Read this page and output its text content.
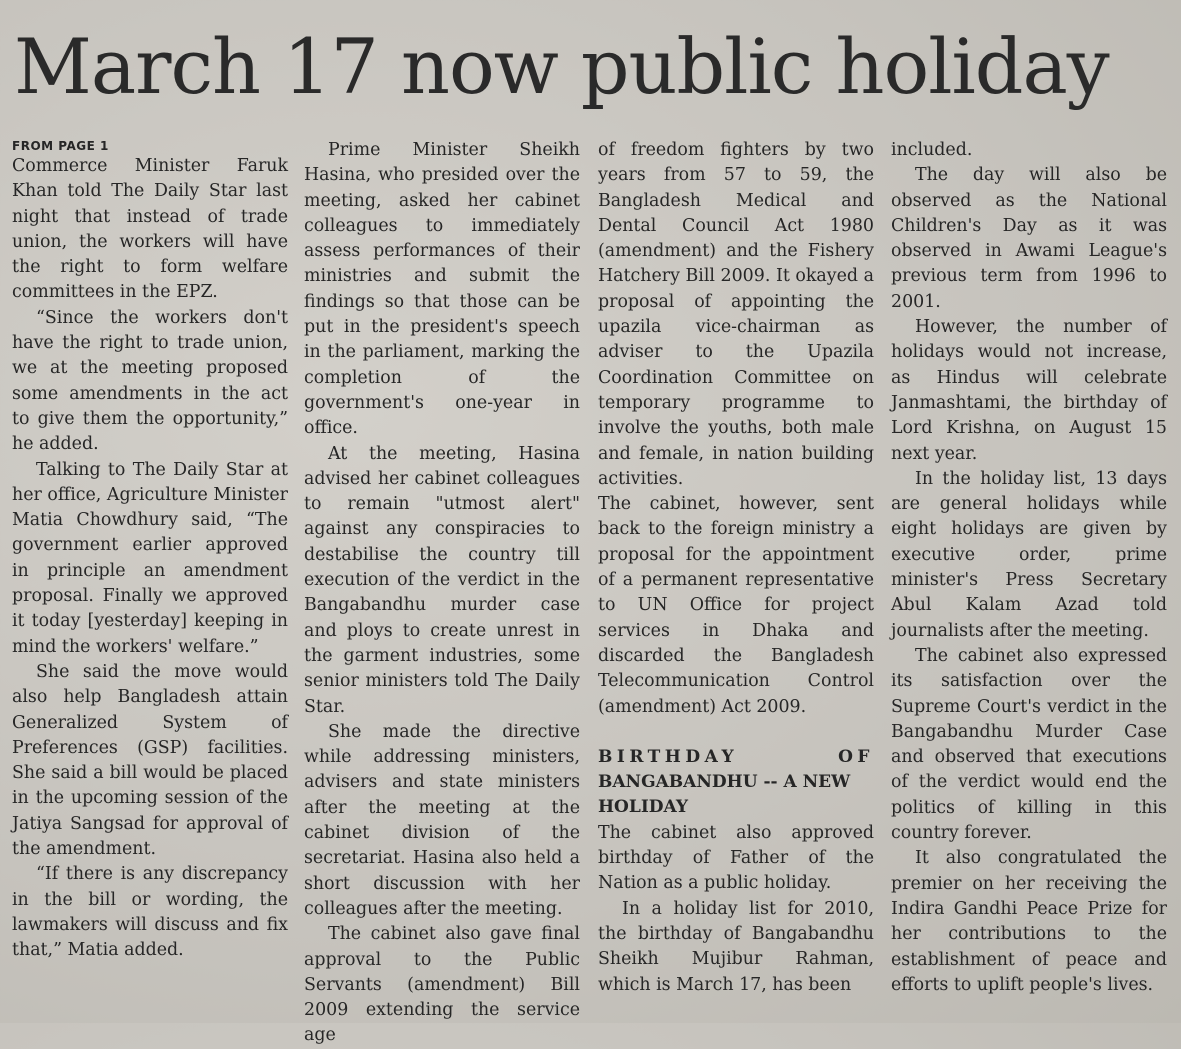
March 17 now public holiday
FROM PAGE 1

Commerce Minister Faruk Khan told The Daily Star last night that instead of trade union, the workers will have the right to form welfare committees in the EPZ.

“Since the workers don't have the right to trade union, we at the meeting proposed some amendments in the act to give them the opportunity,” he added.

Talking to The Daily Star at her office, Agriculture Minister Matia Chowdhury said, “The government earlier approved in principle an amendment proposal. Finally we approved it today [yesterday] keeping in mind the workers' welfare.”

She said the move would also help Bangladesh attain Generalized System of Preferences (GSP) facilities. She said a bill would be placed in the upcoming session of the Jatiya Sangsad for approval of the amendment.

“If there is any discrepancy in the bill or wording, the lawmakers will discuss and fix that,” Matia added.

Prime Minister Sheikh Hasina, who presided over the meeting, asked her cabinet colleagues to immediately assess performances of their ministries and submit the findings so that those can be put in the president's speech in the parliament, marking the completion of the government's one-year in office.

At the meeting, Hasina advised her cabinet colleagues to remain "utmost alert" against any conspiracies to destabilise the country till execution of the verdict in the Bangabandhu murder case and ploys to create unrest in the garment industries, some senior ministers told The Daily Star.

She made the directive while addressing ministers, advisers and state ministers after the meeting at the cabinet division of the secretariat. Hasina also held a short discussion with her colleagues after the meeting.

The cabinet also gave final approval to the Public Servants (amendment) Bill 2009 extending the service age

of freedom fighters by two years from 57 to 59, the Bangladesh Medical and Dental Council Act 1980 (amendment) and the Fishery Hatchery Bill 2009. It okayed a proposal of appointing the upazila vice-chairman as adviser to the Upazila Coordination Committee on temporary programme to involve the youths, both male and female, in nation building activities.

The cabinet, however, sent back to the foreign ministry a proposal for the appointment of a permanent representative to UN Office for project services in Dhaka and discarded the Bangladesh Telecommunication Control (amendment) Act 2009.

BIRTHDAY OF
BANGABANDHU -- A NEW HOLIDAY

The cabinet also approved birthday of Father of the Nation as a public holiday.

In a holiday list for 2010, the birthday of Bangabandhu Sheikh Mujibur Rahman, which is March 17, has been

included.

The day will also be observed as the National Children's Day as it was observed in Awami League's previous term from 1996 to 2001.

However, the number of holidays would not increase, as Hindus will celebrate Janmashtami, the birthday of Lord Krishna, on August 15 next year.

In the holiday list, 13 days are general holidays while eight holidays are given by executive order, prime minister's Press Secretary Abul Kalam Azad told journalists after the meeting.

The cabinet also expressed its satisfaction over the Supreme Court's verdict in the Bangabandhu Murder Case and observed that executions of the verdict would end the politics of killing in this country forever.

It also congratulated the premier on her receiving the Indira Gandhi Peace Prize for her contributions to the establishment of peace and efforts to uplift people's lives.
